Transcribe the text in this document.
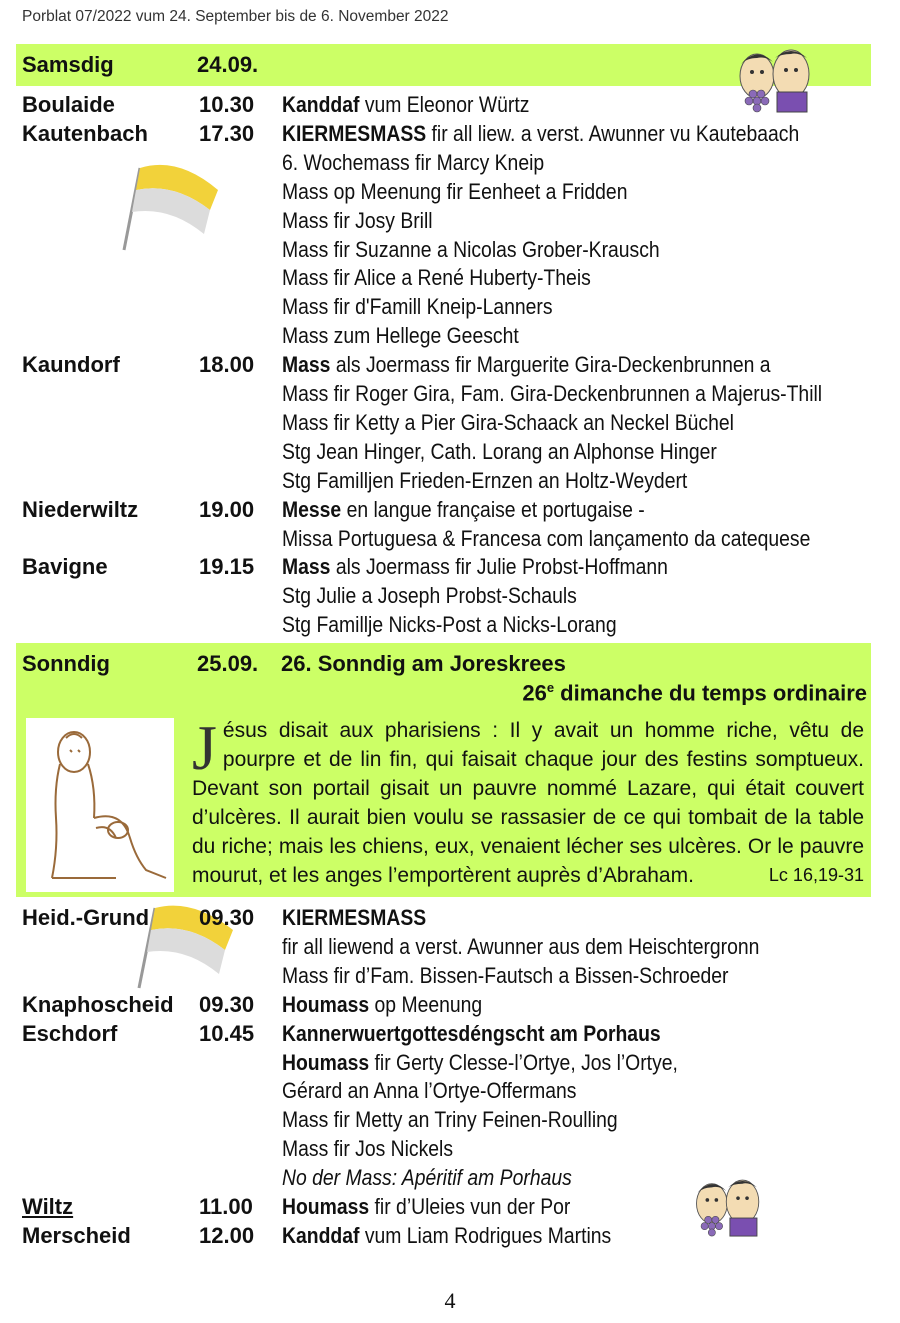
Porblat 07/2022 vum 24. September bis de 6. November 2022
Samsdig	24.09.
Boulaide	10.30 Kanddaf vum Eleonor Würtz
Kautenbach 17.30 KIERMESMASS fir all liew. a verst. Awunner vu Kautebaach
6. Wochemass fir Marcy Kneip
Mass op Meenung fir Eenheet a Fridden
Mass fir Josy Brill
Mass fir Suzanne a Nicolas Grober-Krausch
Mass fir Alice a René Huberty-Theis
Mass fir d'Famill Kneip-Lanners
Mass zum Hellege Geescht
Kaundorf	18.00 Mass als Joermass fir Marguerite Gira-Deckenbrunnen a
Mass fir Roger Gira, Fam. Gira-Deckenbrunnen a Majerus-Thill
Mass fir Ketty a Pier Gira-Schaack an Neckel Büchel
Stg Jean Hinger, Cath. Lorang an Alphonse Hinger
Stg Familljen Frieden-Ernzen an Holtz-Weydert
Niederwiltz	19.00 Messe en langue française et portugaise -
Missa Portuguesa & Francesa com lançamento da catequese
Bavigne	19.15 Mass als Joermass fir Julie Probst-Hoffmann
Stg Julie a Joseph Probst-Schauls
Stg Familljе Nicks-Post a Nicks-Lorang
Sonndig	25.09. 26. Sonndig am Joreskrees
26e dimanche du temps ordinaire
Jésus disait aux pharisiens : Il y avait un homme riche, vêtu de pourpre et de lin fin, qui faisait chaque jour des festins somptueux. Devant son portail gisait un pauvre nommé Lazare, qui était couvert d’ulcères. Il aurait bien voulu se rassasier de ce qui tombait de la table du riche; mais les chiens, eux, venaient lécher ses ulcères. Or le pauvre mourut, et les anges l’emportèrent auprès d’Abraham.	Lc 16,19-31
Heid.-Grund 09.30 KIERMESMASS
fir all liewend a verst. Awunner aus dem Heischtergronn
Mass fir d’Fam. Bissen-Fautsch a Bissen-Schroeder
Knaphoscheid 09.30 Houmass op Meenung
Eschdorf	10.45 Kannerwuertgottesdéngscht am Porhaus
Houmass fir Gerty Clesse-l’Ortye, Jos l’Ortye,
Gérard an Anna l’Ortye-Offermans
Mass fir Metty an Triny Feinen-Roulling
Mass fir Jos Nickels
No der Mass: Apéritif am Porhaus
Wiltz	11.00 Houmass fir d’Uleies vun der Por
Merscheid	12.00 Kanddaf vum Liam Rodrigues Martins
4
